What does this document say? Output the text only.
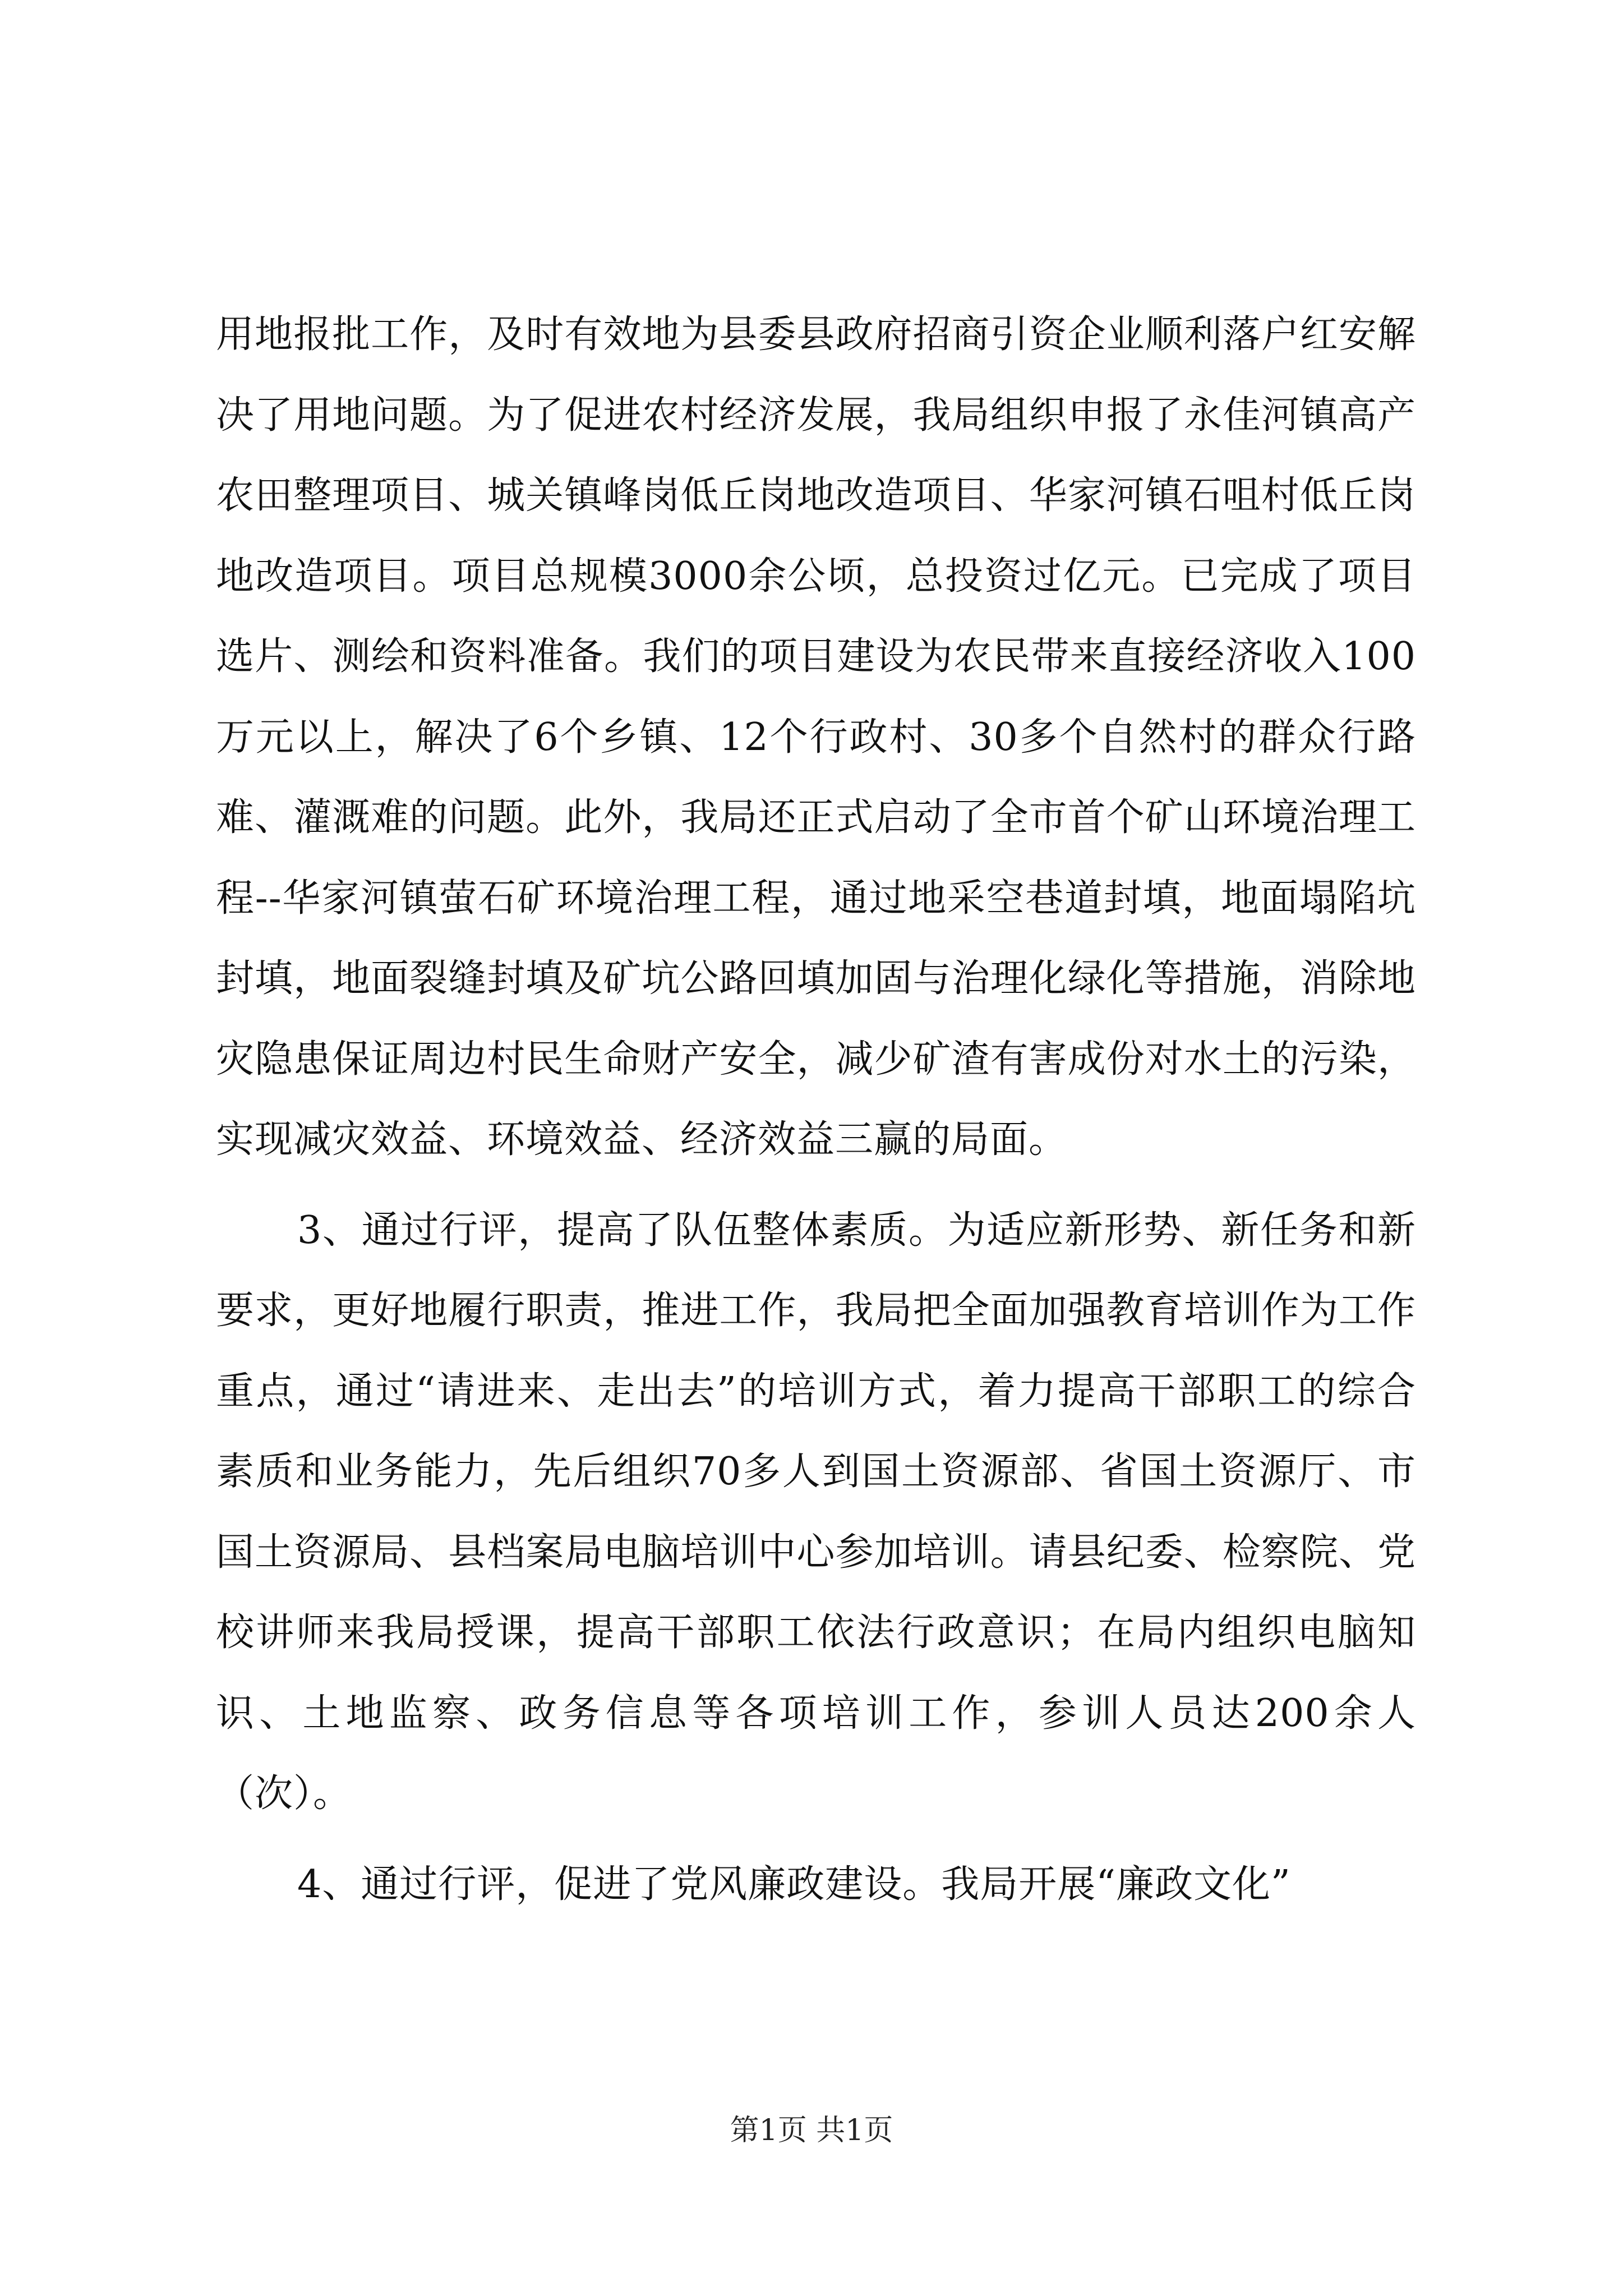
用地报批工作，及时有效地为县委县政府招商引资企业顺利落户红安解决了用地问题。为了促进农村经济发展，我局组织申报了永佳河镇高产农田整理项目、城关镇峰岗低丘岗地改造项目、华家河镇石咀村低丘岗地改造项目。项目总规模3000余公顷，总投资过亿元。已完成了项目选片、测绘和资料准备。我们的项目建设为农民带来直接经济收入100万元以上，解决了6个乡镇、12个行政村、30多个自然村的群众行路难、灌溉难的问题。此外，我局还正式启动了全市首个矿山环境治理工程--华家河镇萤石矿环境治理工程，通过地采空巷道封填，地面塌陷坑封填，地面裂缝封填及矿坑公路回填加固与治理化绿化等措施，消除地灾隐患保证周边村民生命财产安全，减少矿渣有害成份对水土的污染，实现减灾效益、环境效益、经济效益三赢的局面。

3、通过行评，提高了队伍整体素质。为适应新形势、新任务和新要求，更好地履行职责，推进工作，我局把全面加强教育培训作为工作重点，通过“请进来、走出去”的培训方式，着力提高干部职工的综合素质和业务能力，先后组织70多人到国土资源部、省国土资源厅、市国土资源局、县档案局电脑培训中心参加培训。请县纪委、检察院、党校讲师来我局授课，提高干部职工依法行政意识；在局内组织电脑知识、土地监察、政务信息等各项培训工作，参训人员达200余人（次）。

4、通过行评，促进了党风廉政建设。我局开展“廉政文化”

第1页 共1页
